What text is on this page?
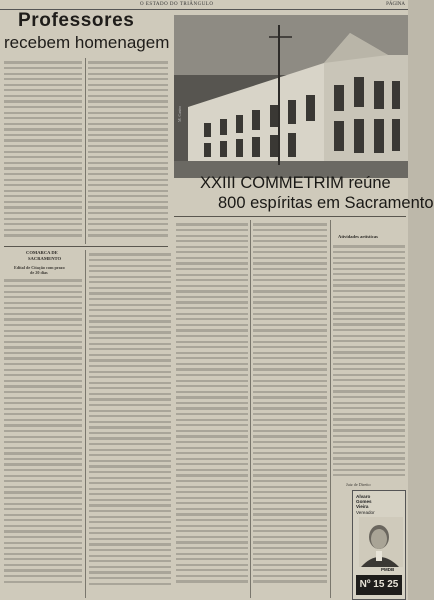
O ESTADO DO TRIÂNGULO	PÁGINA
Professores
recebem homenagem
M. Castro
XXIII COMMETRIM reúne
800 espíritas em Sacramento
COMARCA DE
SACRAMENTO
Edital de Citação com prazo
de 20 dias
Atividades artísticas
Juiz de Direito
Alvaro
Gomes
Vieira
Vereador
PMDB
Nº 15 25
